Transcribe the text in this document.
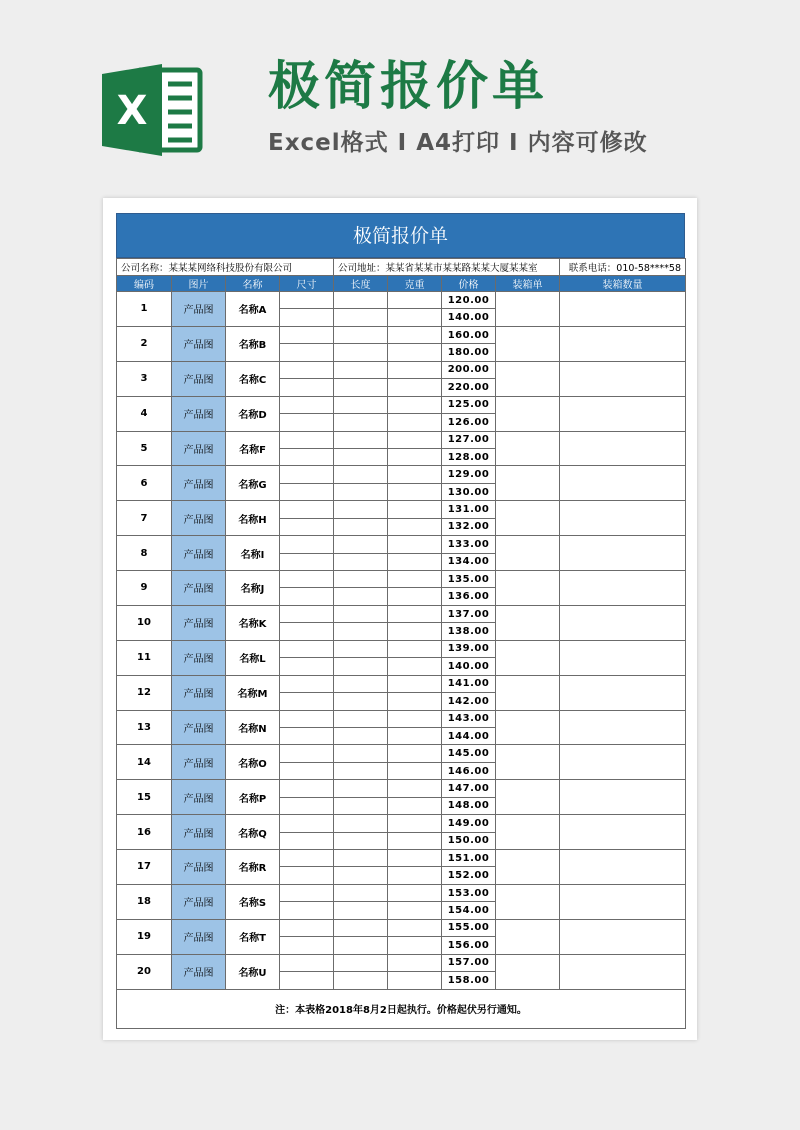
X 极简报价单

Excel格式 I A4打印 I 内容可修改

极简报价单
公司名称：某某某网络科技股份有限公司				公司地址：某某省某某市某某路某某大厦某某室				联系电话：010-58****58
编码	图片	名称	尺寸	长度	克重	价格	装箱单	装箱数量
1	产品图	名称A				120.00		
						140.00		
2	产品图	名称B				160.00		
						180.00		
3	产品图	名称C				200.00		
						220.00		
4	产品图	名称D				125.00		
						126.00		
5	产品图	名称F				127.00		
						128.00		
6	产品图	名称G				129.00		
						130.00		
7	产品图	名称H				131.00		
						132.00		
8	产品图	名称I				133.00		
						134.00		
9	产品图	名称J				135.00		
						136.00		
10	产品图	名称K				137.00		
						138.00		
11	产品图	名称L				139.00		
						140.00		
12	产品图	名称M				141.00		
						142.00		
13	产品图	名称N				143.00		
						144.00		
14	产品图	名称O				145.00		
						146.00		
15	产品图	名称P				147.00		
						148.00		
16	产品图	名称Q				149.00		
						150.00		
17	产品图	名称R				151.00		
						152.00		
18	产品图	名称S				153.00		
						154.00		
19	产品图	名称T				155.00		
						156.00		
20	产品图	名称U				157.00		
						158.00		
注：本表格2018年8月2日起执行。价格起伏另行通知。								
